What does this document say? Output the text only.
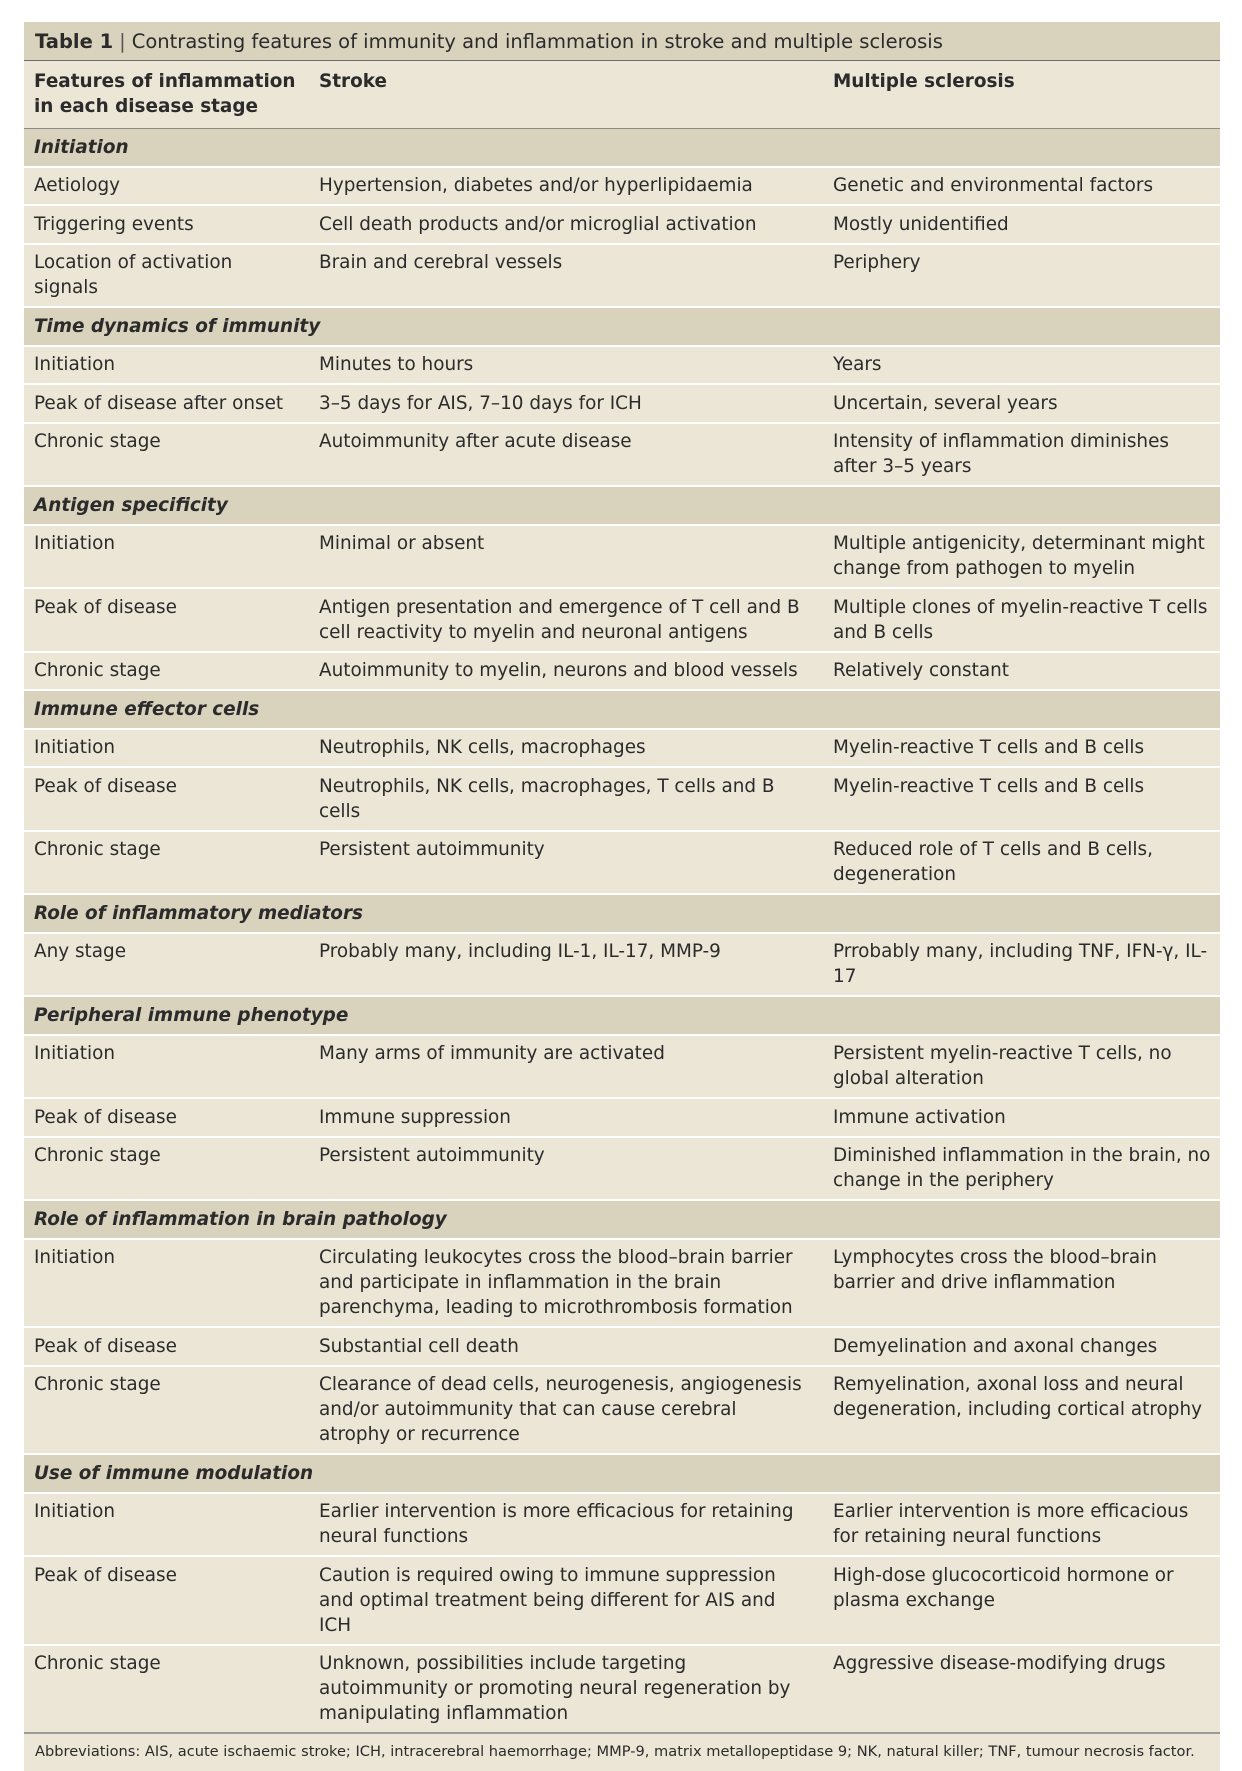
Table 1 | Contrasting features of immunity and inflammation in stroke and multiple sclerosis
Features of inflammation in each disease stage	Stroke	Multiple sclerosis
Initiation		
Aetiology	Hypertension, diabetes and/or hyperlipidaemia	Genetic and environmental factors
Triggering events	Cell death products and/or microglial activation	Mostly unidentified
Location of activation signals	Brain and cerebral vessels	Periphery
Time dynamics of immunity		
Initiation	Minutes to hours	Years
Peak of disease after onset	3–5 days for AIS, 7–10 days for ICH	Uncertain, several years
Chronic stage	Autoimmunity after acute disease	Intensity of inflammation diminishes after 3–5 years
Antigen specificity		
Initiation	Minimal or absent	Multiple antigenicity, determinant might change from pathogen to myelin
Peak of disease	Antigen presentation and emergence of T cell and B cell reactivity to myelin and neuronal antigens	Multiple clones of myelin-reactive T cells and B cells
Chronic stage	Autoimmunity to myelin, neurons and blood vessels	Relatively constant
Immune effector cells		
Initiation	Neutrophils, NK cells, macrophages	Myelin-reactive T cells and B cells
Peak of disease	Neutrophils, NK cells, macrophages, T cells and B cells	Myelin-reactive T cells and B cells
Chronic stage	Persistent autoimmunity	Reduced role of T cells and B cells, degeneration
Role of inflammatory mediators		
Any stage	Probably many, including IL-1, IL-17, MMP-9	Prrobably many, including TNF, IFN-γ, IL-17
Peripheral immune phenotype		
Initiation	Many arms of immunity are activated	Persistent myelin-reactive T cells, no global alteration
Peak of disease	Immune suppression	Immune activation
Chronic stage	Persistent autoimmunity	Diminished inflammation in the brain, no change in the periphery
Role of inflammation in brain pathology		
Initiation	Circulating leukocytes cross the blood–brain barrier and participate in inflammation in the brain parenchyma, leading to microthrombosis formation	Lymphocytes cross the blood–brain barrier and drive inflammation
Peak of disease	Substantial cell death	Demyelination and axonal changes
Chronic stage	Clearance of dead cells, neurogenesis, angiogenesis and/or autoimmunity that can cause cerebral atrophy or recurrence	Remyelination, axonal loss and neural degeneration, including cortical atrophy
Use of immune modulation		
Initiation	Earlier intervention is more efficacious for retaining neural functions	Earlier intervention is more efficacious for retaining neural functions
Peak of disease	Caution is required owing to immune suppression and optimal treatment being different for AIS and ICH	High-dose glucocorticoid hormone or plasma exchange
Chronic stage	Unknown, possibilities include targeting autoimmunity or promoting neural regeneration by manipulating inflammation	Aggressive disease-modifying drugs
Abbreviations: AIS, acute ischaemic stroke; ICH, intracerebral haemorrhage; MMP-9, matrix metallopeptidase 9; NK, natural killer; TNF, tumour necrosis factor.
